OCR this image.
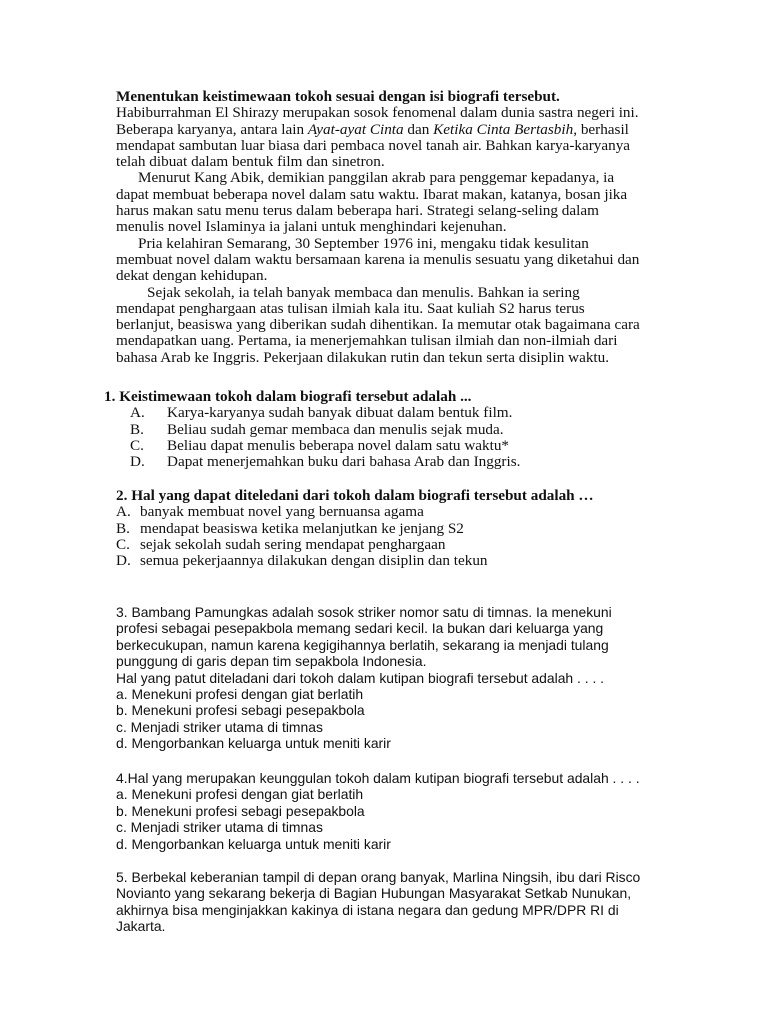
Menentukan keistimewaan tokoh sesuai dengan isi biografi tersebut.
Habiburrahman El Shirazy merupakan sosok fenomenal dalam dunia sastra negeri ini.
Beberapa karyanya, antara lain Ayat-ayat Cinta dan Ketika Cinta Bertasbih, berhasil
mendapat sambutan luar biasa dari pembaca novel tanah air. Bahkan karya-karyanya
telah dibuat dalam bentuk film dan sinetron.
Menurut Kang Abik, demikian panggilan akrab para penggemar kepadanya, ia
dapat membuat beberapa novel dalam satu waktu. Ibarat makan, katanya, bosan jika
harus makan satu menu terus dalam beberapa hari. Strategi selang-seling dalam
menulis novel Islaminya ia jalani untuk menghindari kejenuhan.
Pria kelahiran Semarang, 30 September 1976 ini, mengaku tidak kesulitan
membuat novel dalam waktu bersamaan karena ia menulis sesuatu yang diketahui dan
dekat dengan kehidupan.
Sejak sekolah, ia telah banyak membaca dan menulis. Bahkan ia sering
mendapat penghargaan atas tulisan ilmiah kala itu. Saat kuliah S2 harus terus
berlanjut, beasiswa yang diberikan sudah dihentikan. Ia memutar otak bagaimana cara
mendapatkan uang. Pertama, ia menerjemahkan tulisan ilmiah dan non-ilmiah dari
bahasa Arab ke Inggris. Pekerjaan dilakukan rutin dan tekun serta disiplin waktu.
1. Keistimewaan tokoh dalam biografi tersebut adalah ...
A. Karya-karyanya sudah banyak dibuat dalam bentuk film.
B. Beliau sudah gemar membaca dan menulis sejak muda.
C. Beliau dapat menulis beberapa novel dalam satu waktu*
D. Dapat menerjemahkan buku dari bahasa Arab dan Inggris.
2. Hal yang dapat diteledani dari tokoh dalam biografi tersebut adalah …
A. banyak membuat novel yang bernuansa agama
B. mendapat beasiswa ketika melanjutkan ke jenjang S2
C. sejak sekolah sudah sering mendapat penghargaan
D. semua pekerjaannya dilakukan dengan disiplin dan tekun
3. Bambang Pamungkas adalah sosok striker nomor satu di timnas. Ia menekuni
profesi sebagai pesepakbola memang sedari kecil. Ia bukan dari keluarga yang
berkecukupan, namun karena kegigihannya berlatih, sekarang ia menjadi tulang
punggung di garis depan tim sepakbola Indonesia.
Hal yang patut diteladani dari tokoh dalam kutipan biografi tersebut adalah . . . .
a. Menekuni profesi dengan giat berlatih
b. Menekuni profesi sebagi pesepakbola
c. Menjadi striker utama di timnas
d. Mengorbankan keluarga untuk meniti karir
4.Hal yang merupakan keunggulan tokoh dalam kutipan biografi tersebut adalah . . . .
a. Menekuni profesi dengan giat berlatih
b. Menekuni profesi sebagi pesepakbola
c. Menjadi striker utama di timnas
d. Mengorbankan keluarga untuk meniti karir
5. Berbekal keberanian tampil di depan orang banyak, Marlina Ningsih, ibu dari Risco
Novianto yang sekarang bekerja di Bagian Hubungan Masyarakat Setkab Nunukan,
akhirnya bisa menginjakkan kakinya di istana negara dan gedung MPR/DPR RI di
Jakarta.
